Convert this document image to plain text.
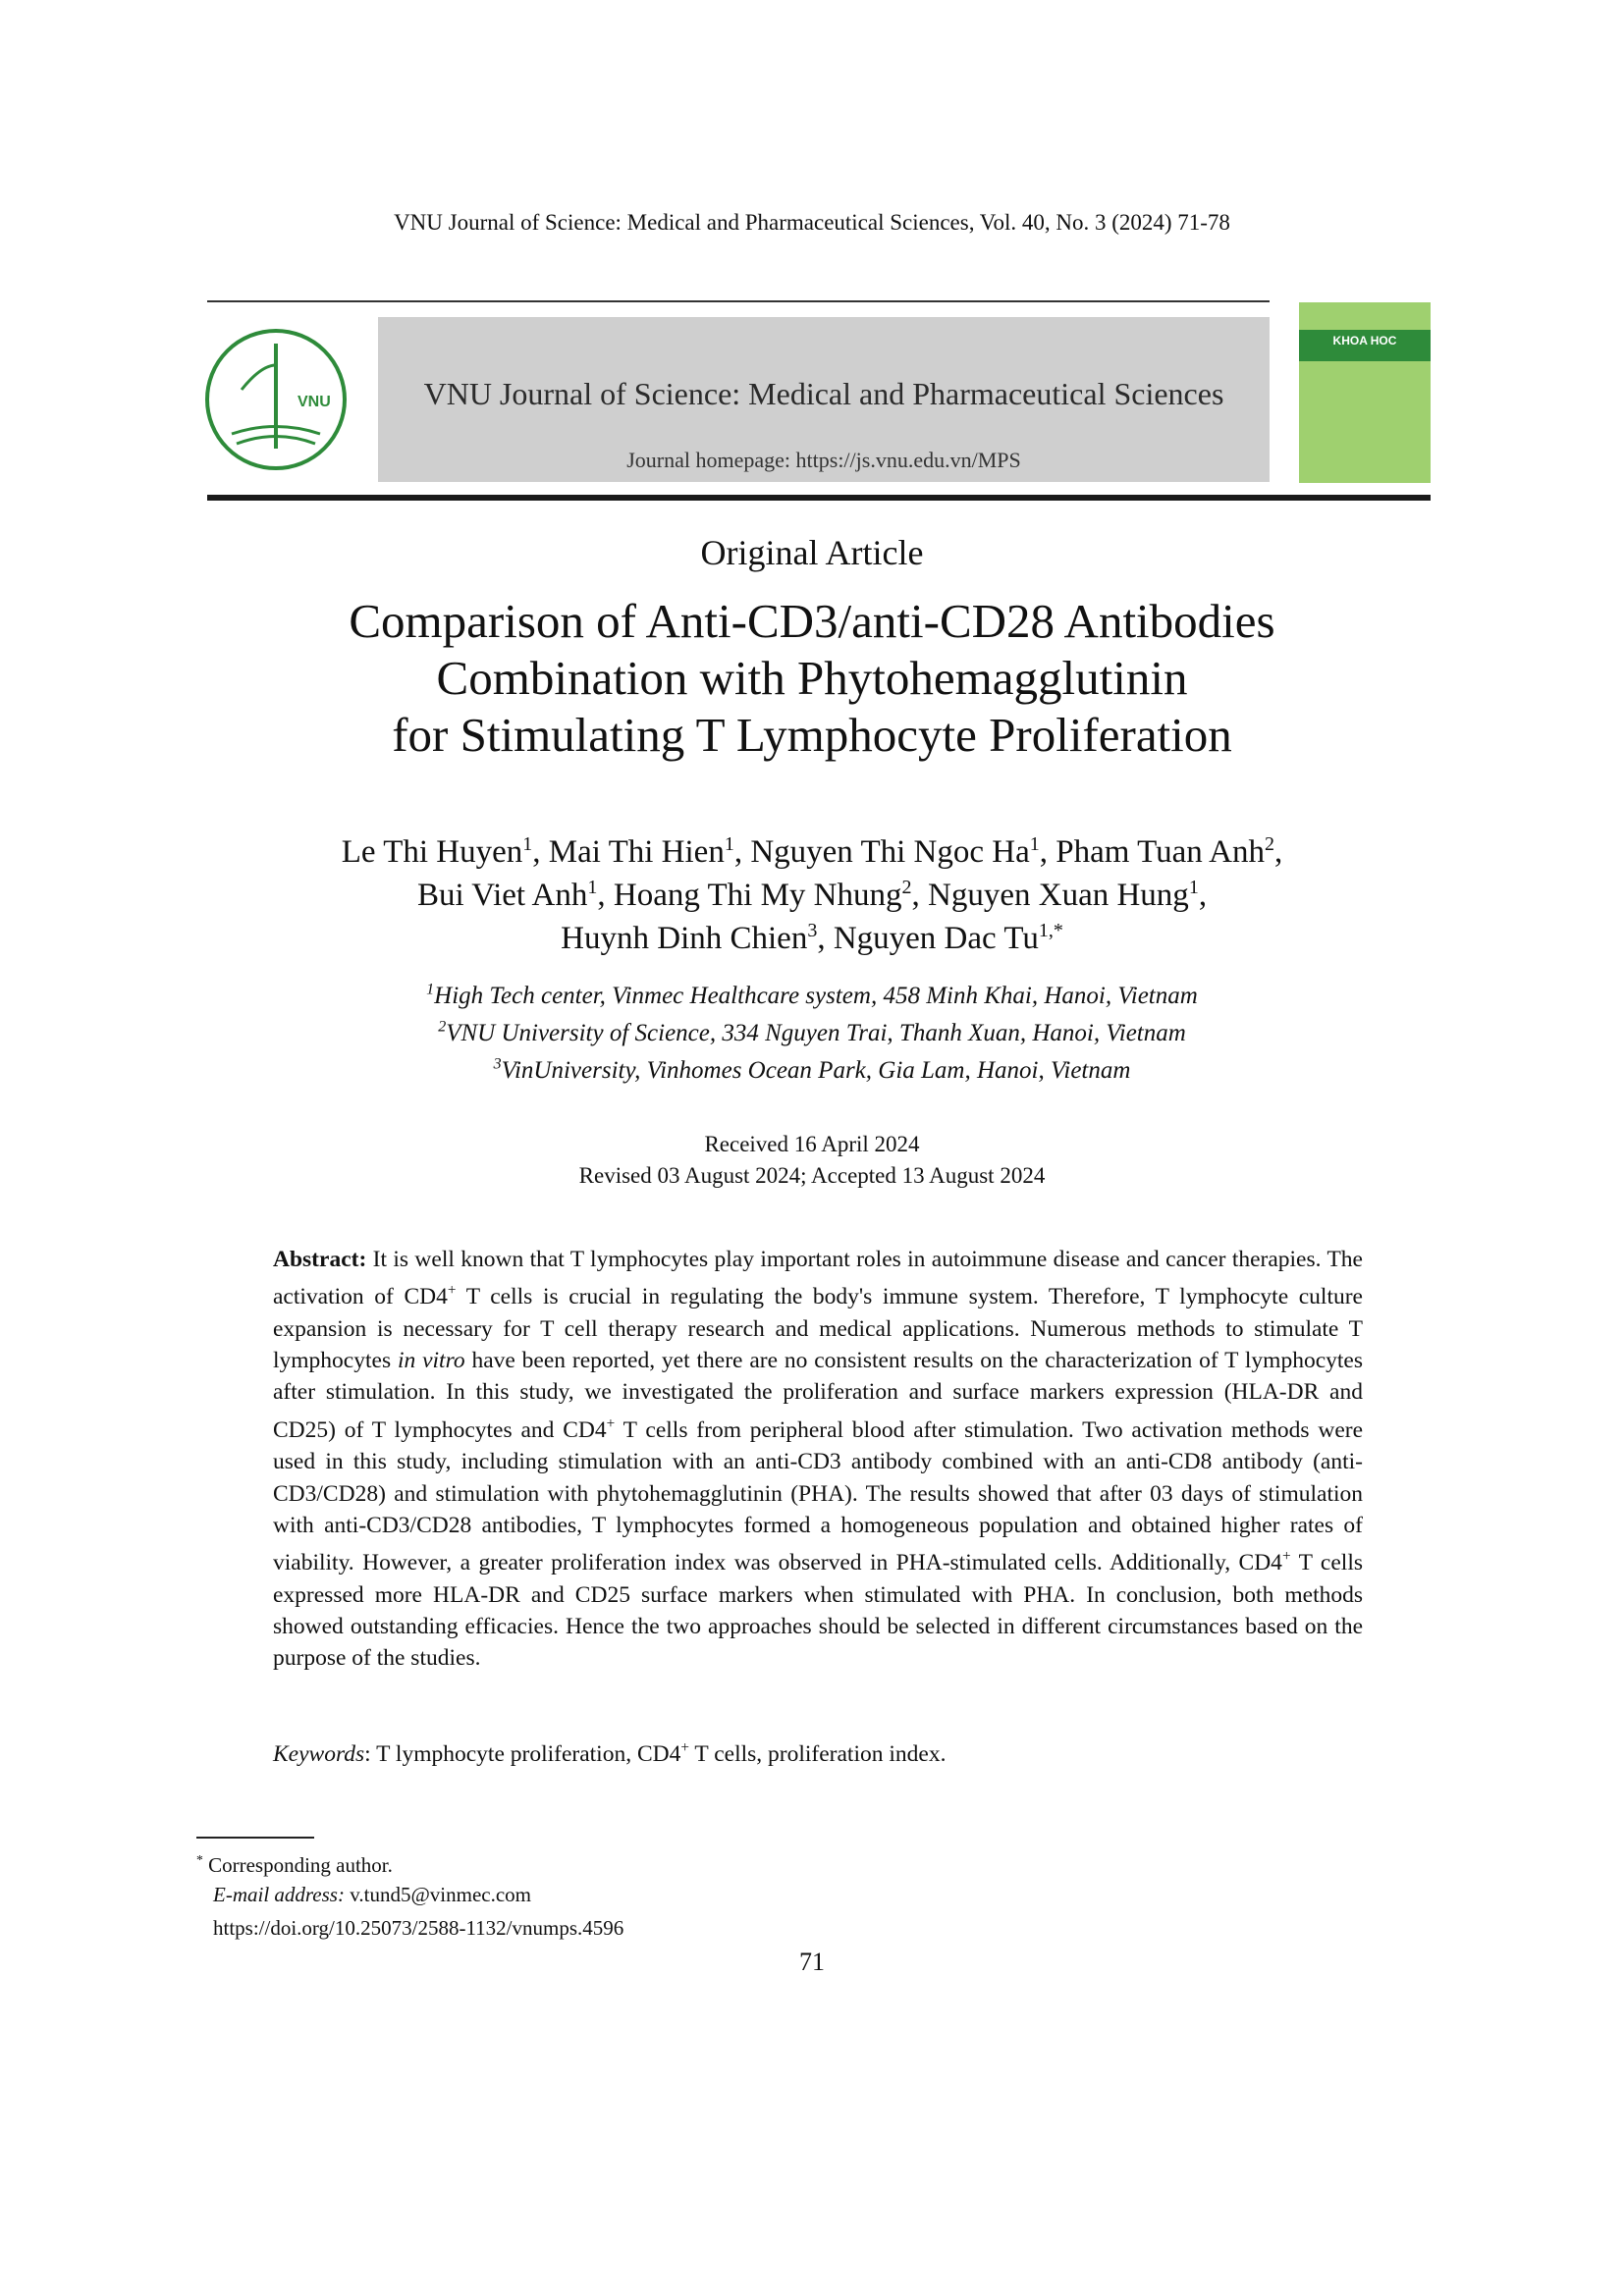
VNU Journal of Science: Medical and Pharmaceutical Sciences, Vol. 40, No. 3 (2024) 71-78
VNU	VNU Journal of Science: Medical and Pharmaceutical Sciences
Journal homepage: https://js.vnu.edu.vn/MPS
KHOA HOC
Original Article
Comparison of Anti-CD3/anti-CD28 Antibodies
Combination with Phytohemagglutinin
for Stimulating T Lymphocyte Proliferation
Le Thi Huyen$^1$, Mai Thi Hien$^1$, Nguyen Thi Ngoc Ha$^1$, Pham Tuan Anh$^2$,
Bui Viet Anh$^1$, Hoang Thi My Nhung$^2$, Nguyen Xuan Hung$^1$,
Huynh Dinh Chien$^3$, Nguyen Dac $Tu^{1,*}$
$^1$High Tech center, Vinmec Healthcare system, 458 Minh Khai, Hanoi, Vietnam
$^2$VNU University of Science, 334 Nguyen Trai, Thanh Xuan, Hanoi, Vietnam
$^3$VinUniversity, Vinhomes Ocean Park, Gia Lam, Hanoi, Vietnam
Received 16 April 2024
Revised 03 August 2024; Accepted 13 August 2024
Abstract: It is well known that T lymphocytes play important roles in autoimmune disease and cancer therapies. The activation of CD4+ T cells is crucial in regulating the body's immune system. Therefore, T lymphocyte culture expansion is necessary for T cell therapy research and medical applications. Numerous methods to stimulate T lymphocytes in vitro have been reported, yet there are no consistent results on the characterization of T lymphocytes after stimulation. In this study, we investigated the proliferation and surface markers expression (HLA-DR and CD25) of T lymphocytes and CD4+ T cells from peripheral blood after stimulation. Two activation methods were used in this study, including stimulation with an anti-CD3 antibody combined with an anti-CD8 antibody (anti-CD3/CD28) and stimulation with phytohemagglutinin (PHA). The results showed that after 03 days of stimulation with anti-CD3/CD28 antibodies, T lymphocytes formed a homogeneous population and obtained higher rates of viability. However, a greater proliferation index was observed in PHA-stimulated cells. Additionally, CD4+ T cells expressed more HLA-DR and CD25 surface markers when stimulated with PHA. In conclusion, both methods showed outstanding efficacies. Hence the two approaches should be selected in different circumstances based on the purpose of the studies.
Keywords: T lymphocyte proliferation, CD4+ T cells, proliferation index.
* Corresponding author.
E-mail address: v.tund5@vinmec.com
https://doi.org/10.25073/2588-1132/vnumps.4596
71
